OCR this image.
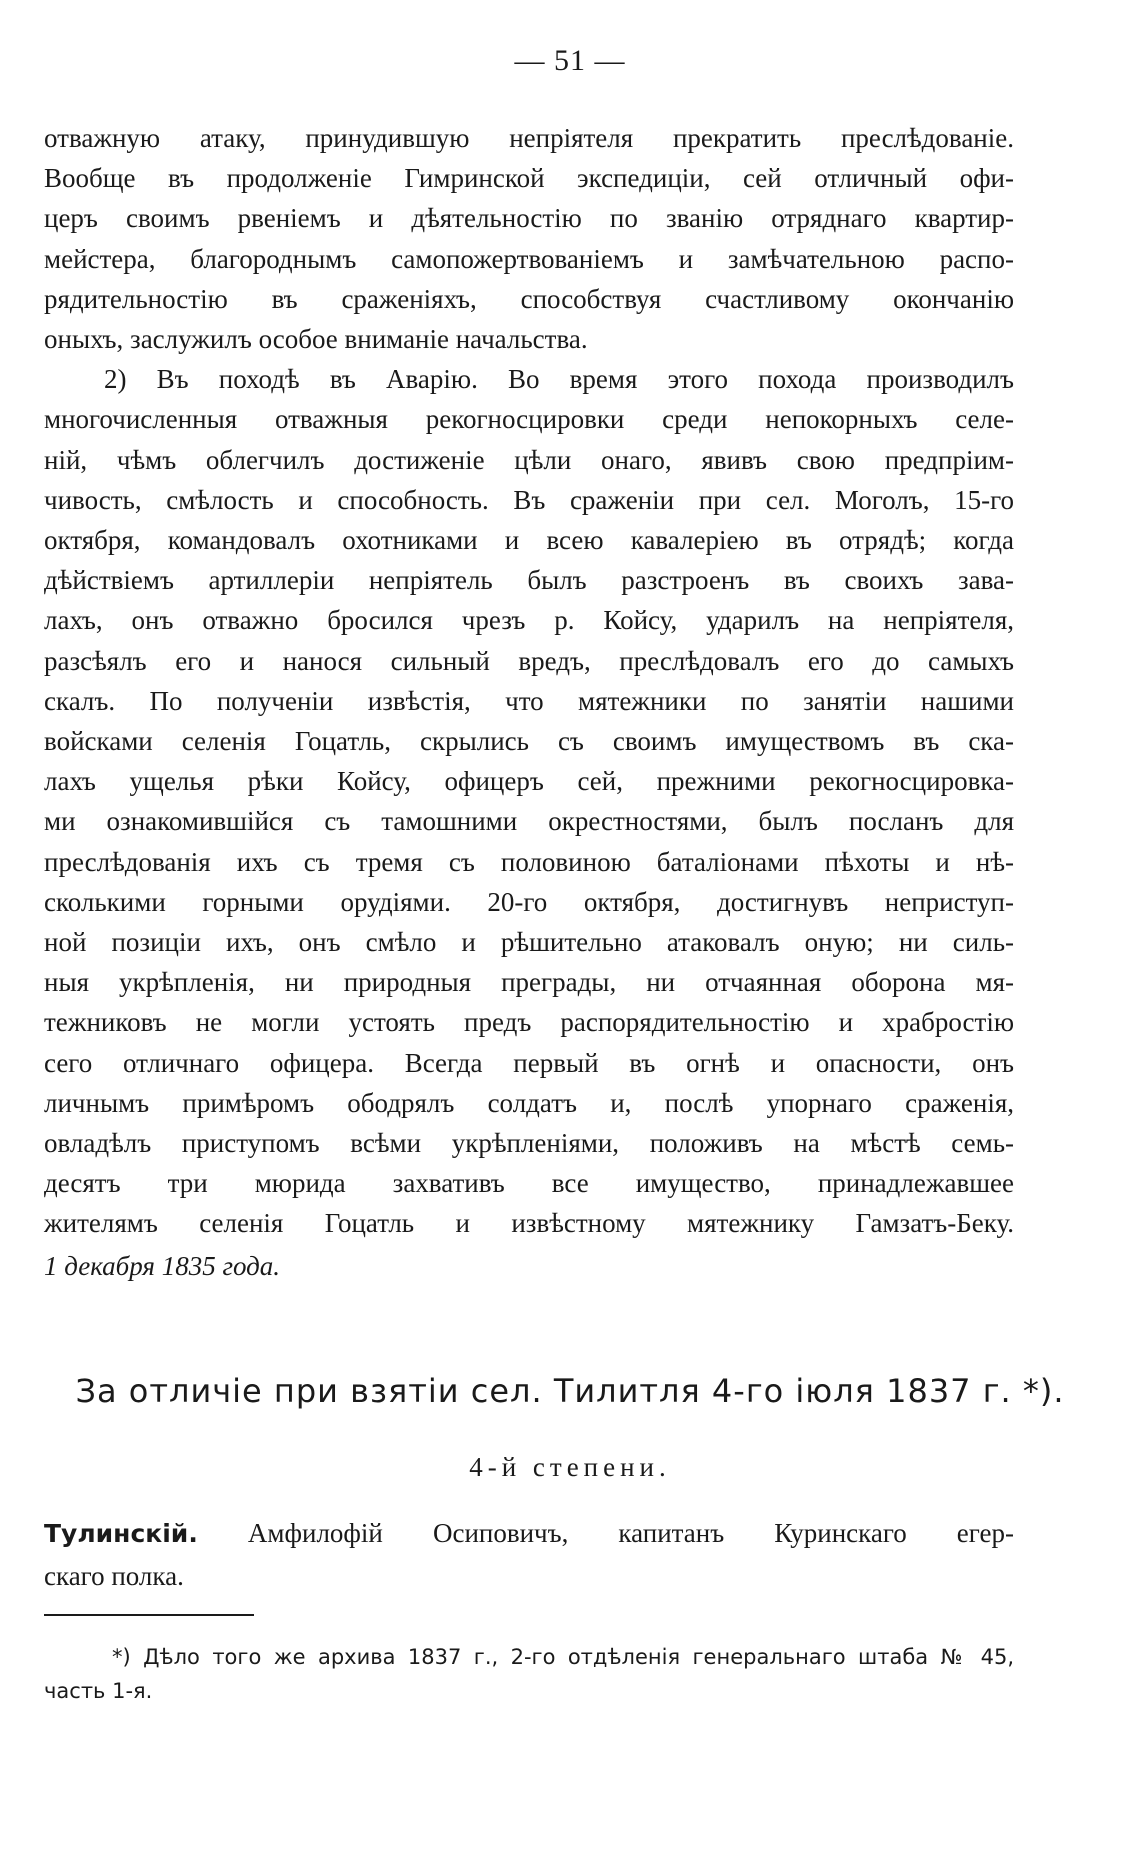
— 51 —
отважную атаку, принудившую непріятеля прекратить преслѣдованіе.
Вообще въ продолженіе Гимринской экспедиціи, сей отличный офи-
церъ своимъ рвеніемъ и дѣятельностію по званію отряднаго квартир-
мейстера, благороднымъ самопожертвованіемъ и замѣчательною распо-
рядительностію въ сраженіяхъ, способствуя счастливому окончанію
оныхъ, заслужилъ особое вниманіе начальства.
2) Въ походѣ въ Аварію. Во время этого похода производилъ
многочисленныя отважныя рекогносцировки среди непокорныхъ селе-
ній, чѣмъ облегчилъ достиженіе цѣли онаго, явивъ свою предпріим-
чивость, смѣлость и способность. Въ сраженіи при сел. Моголъ, 15-го
октября, командовалъ охотниками и всею кавалеріею въ отрядѣ; когда
дѣйствіемъ артиллеріи непріятель былъ разстроенъ въ своихъ зава-
лахъ, онъ отважно бросился чрезъ р. Койсу, ударилъ на непріятеля,
разсѣялъ его и нанося сильный вредъ, преслѣдовалъ его до самыхъ
скалъ. По полученіи извѣстія, что мятежники по занятіи нашими
войсками селенія Гоцатль, скрылись съ своимъ имуществомъ въ ска-
лахъ ущелья рѣки Койсу, офицеръ сей, прежними рекогносцировка-
ми ознакомившійся съ тамошними окрестностями, былъ посланъ для
преслѣдованія ихъ съ тремя съ половиною баталіонами пѣхоты и нѣ-
сколькими горными орудіями. 20-го октября, достигнувъ неприступ-
ной позиціи ихъ, онъ смѣло и рѣшительно атаковалъ оную; ни силь-
ныя укрѣпленія, ни природныя преграды, ни отчаянная оборона мя-
тежниковъ не могли устоять предъ распорядительностію и храбростію
сего отличнаго офицера. Всегда первый въ огнѣ и опасности, онъ
личнымъ примѣромъ ободрялъ солдатъ и, послѣ упорнаго сраженія,
овладѣлъ приступомъ всѣми укрѣпленіями, положивъ на мѣстѣ семь-
десятъ три мюрида захвативъ все имущество, принадлежавшее
жителямъ селенія Гоцатль и извѣстному мятежнику Гамзатъ-Беку.
1 декабря 1835 года.
За отличіе при взятіи сел. Тилитля 4-го іюля 1837 г. *).
4-й степени.
Тулинскій. Амфилофій Осиповичъ, капитанъ Куринскаго егер-
скаго полка.
*) Дѣло того же архива 1837 г., 2-го отдѣленія генеральнаго штаба № 45,
часть 1-я.
